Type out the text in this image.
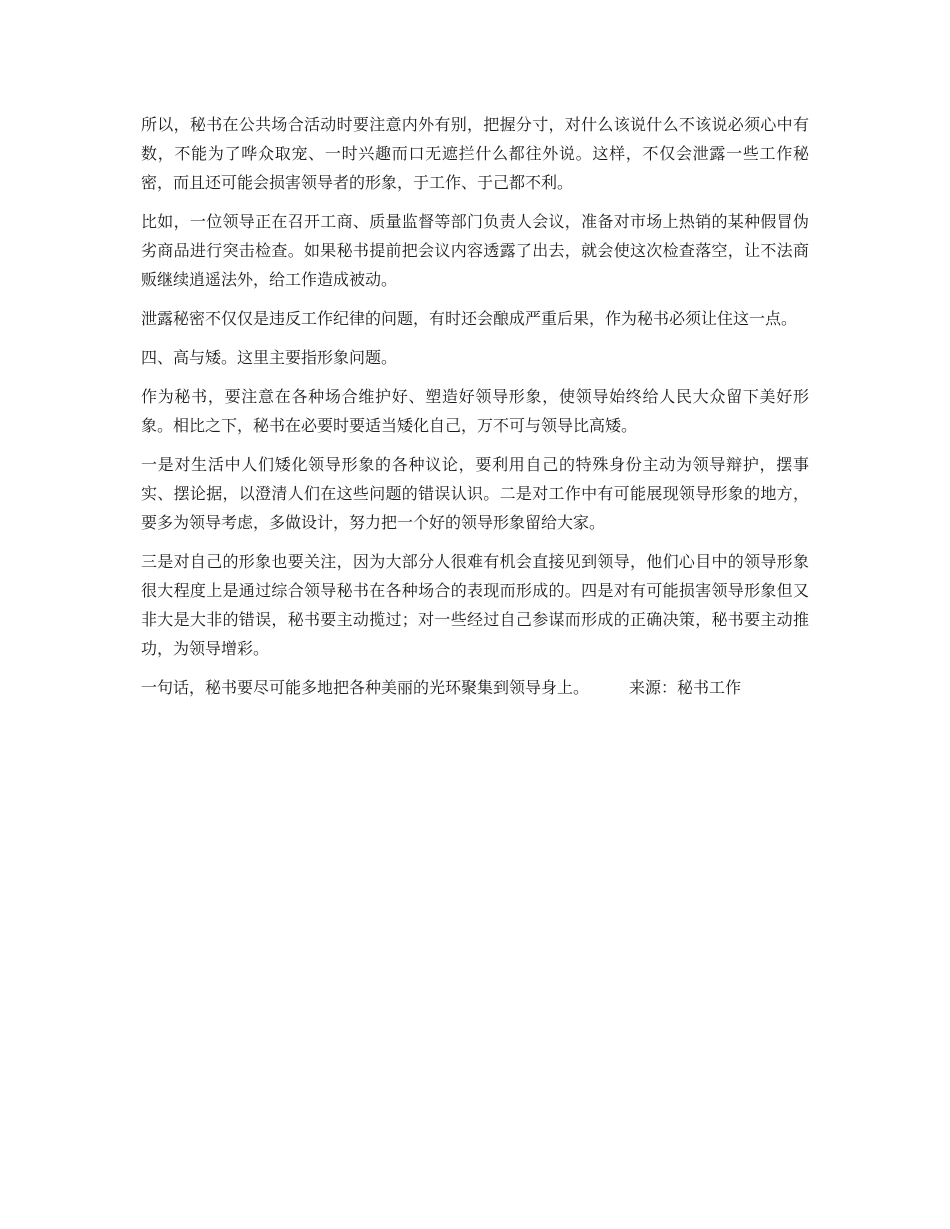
所以，秘书在公共场合活动时要注意内外有别，把握分寸，对什么该说什么不该说必须心中有数，不能为了哗众取宠、一时兴趣而口无遮拦什么都往外说。这样，不仅会泄露一些工作秘密，而且还可能会损害领导者的形象，于工作、于己都不利。

比如，一位领导正在召开工商、质量监督等部门负责人会议，准备对市场上热销的某种假冒伪劣商品进行突击检查。如果秘书提前把会议内容透露了出去，就会使这次检查落空，让不法商贩继续逍遥法外，给工作造成被动。

泄露秘密不仅仅是违反工作纪律的问题，有时还会酿成严重后果，作为秘书必须让住这一点。

四、高与矮。这里主要指形象问题。

作为秘书，要注意在各种场合维护好、塑造好领导形象，使领导始终给人民大众留下美好形象。相比之下，秘书在必要时要适当矮化自己，万不可与领导比高矮。

一是对生活中人们矮化领导形象的各种议论，要利用自己的特殊身份主动为领导辩护，摆事实、摆论据，以澄清人们在这些问题的错误认识。二是对工作中有可能展现领导形象的地方，要多为领导考虑，多做设计，努力把一个好的领导形象留给大家。

三是对自己的形象也要关注，因为大部分人很难有机会直接见到领导，他们心目中的领导形象很大程度上是通过综合领导秘书在各种场合的表现而形成的。四是对有可能损害领导形象但又非大是大非的错误，秘书要主动揽过；对一些经过自己参谋而形成的正确决策，秘书要主动推功，为领导增彩。

一句话，秘书要尽可能多地把各种美丽的光环聚集到领导身上。	来源：秘书工作
